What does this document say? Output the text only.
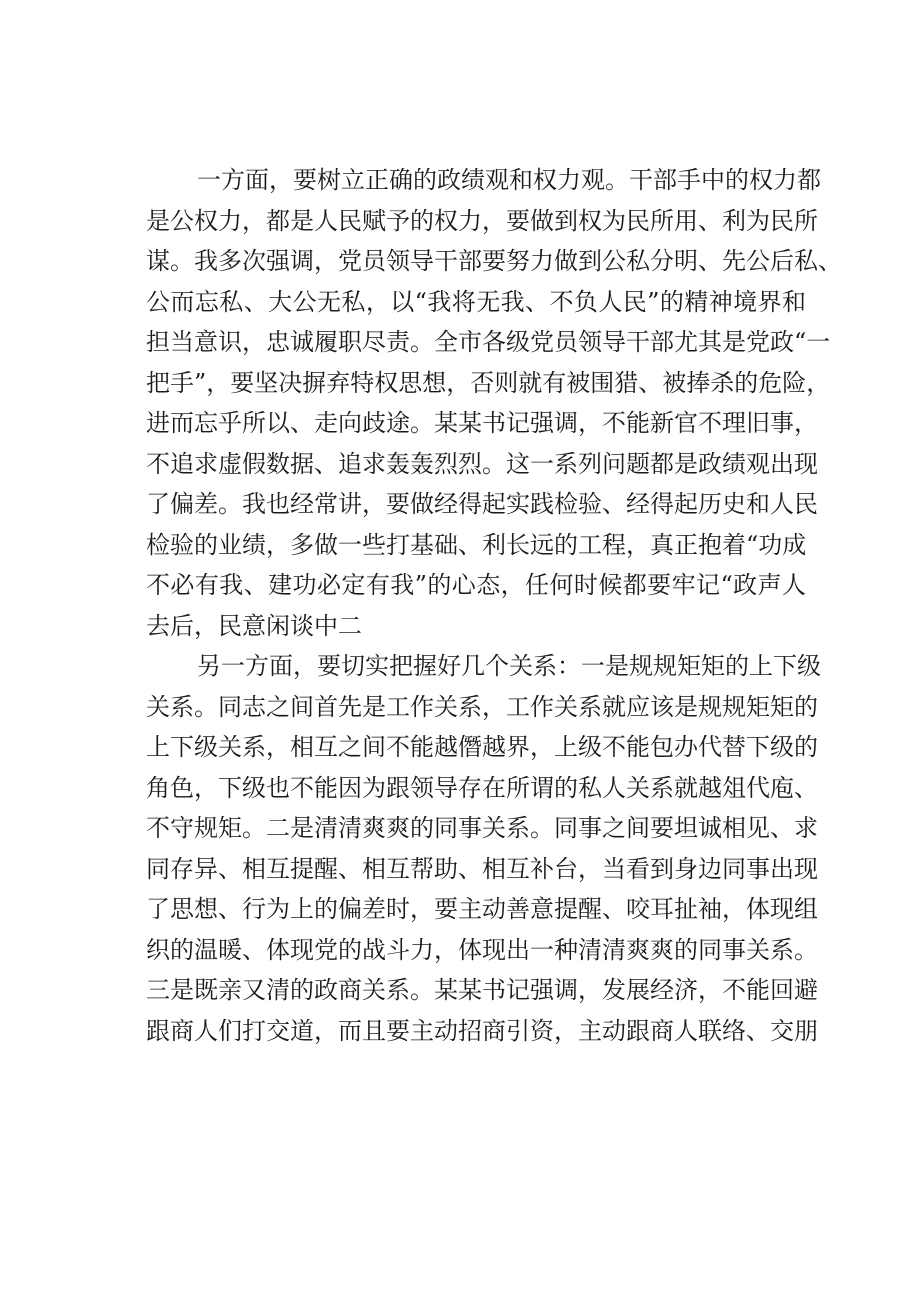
一方面，要树立正确的政绩观和权力观。干部手中的权力都
是公权力，都是人民赋予的权力，要做到权为民所用、利为民所
谋。我多次强调，党员领导干部要努力做到公私分明、先公后私、
公而忘私、大公无私，以“我将无我、不负人民”的精神境界和
担当意识，忠诚履职尽责。全市各级党员领导干部尤其是党政“一
把手”，要坚决摒弃特权思想，否则就有被围猎、被捧杀的危险，
进而忘乎所以、走向歧途。某某书记强调，不能新官不理旧事，
不追求虚假数据、追求轰轰烈烈。这一系列问题都是政绩观出现
了偏差。我也经常讲，要做经得起实践检验、经得起历史和人民
检验的业绩，多做一些打基础、利长远的工程，真正抱着“功成
不必有我、建功必定有我”的心态，任何时候都要牢记“政声人
去后，民意闲谈中二
另一方面，要切实把握好几个关系：一是规规矩矩的上下级
关系。同志之间首先是工作关系，工作关系就应该是规规矩矩的
上下级关系，相互之间不能越僭越界，上级不能包办代替下级的
角色，下级也不能因为跟领导存在所谓的私人关系就越俎代庖、
不守规矩。二是清清爽爽的同事关系。同事之间要坦诚相见、求
同存异、相互提醒、相互帮助、相互补台，当看到身边同事出现
了思想、行为上的偏差时，要主动善意提醒、咬耳扯袖，体现组
织的温暖、体现党的战斗力，体现出一种清清爽爽的同事关系。
三是既亲又清的政商关系。某某书记强调，发展经济，不能回避
跟商人们打交道，而且要主动招商引资，主动跟商人联络、交朋
